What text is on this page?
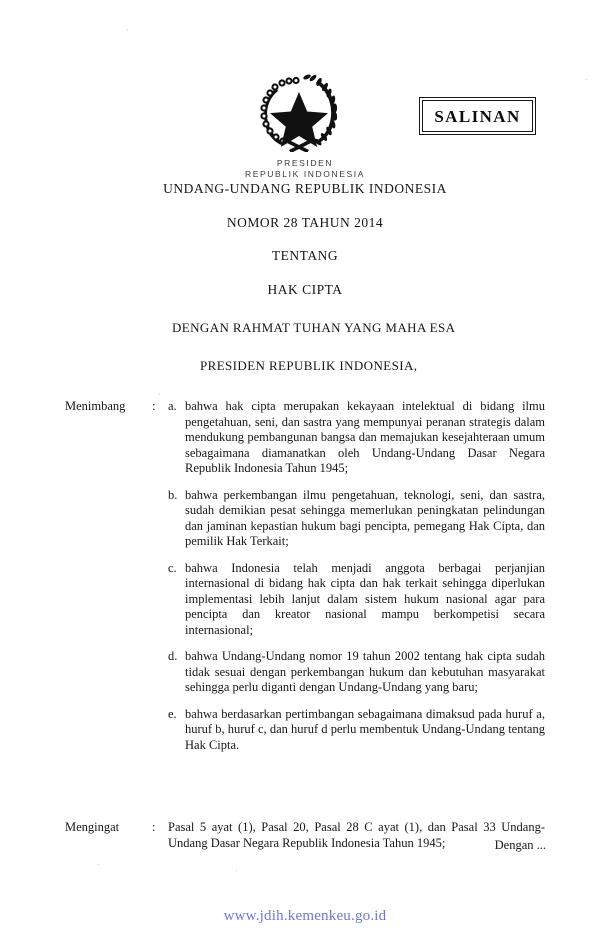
SALINAN
PRESIDEN
REPUBLIK INDONESIA
UNDANG-UNDANG REPUBLIK INDONESIA
NOMOR 28 TAHUN 2014
TENTANG
HAK CIPTA
DENGAN RAHMAT TUHAN YANG MAHA ESA
PRESIDEN REPUBLIK INDONESIA,
Menimbang	:	a. bahwa hak cipta merupakan kekayaan intelektual di bidang ilmu pengetahuan, seni, dan sastra yang mempunyai peranan strategis dalam mendukung pembangunan bangsa dan memajukan kesejahteraan umum sebagaimana diamanatkan oleh Undang-Undang Dasar Negara Republik Indonesia Tahun 1945;
b. bahwa perkembangan ilmu pengetahuan, teknologi, seni, dan sastra, sudah demikian pesat sehingga memerlukan peningkatan pelindungan dan jaminan kepastian hukum bagi pencipta, pemegang Hak Cipta, dan pemilik Hak Terkait;
c. bahwa Indonesia telah menjadi anggota berbagai perjanjian internasional di bidang hak cipta dan hak terkait sehingga diperlukan implementasi lebih lanjut dalam sistem hukum nasional agar para pencipta dan kreator nasional mampu berkompetisi secara internasional;
d. bahwa Undang-Undang nomor 19 tahun 2002 tentang hak cipta sudah tidak sesuai dengan perkembangan hukum dan kebutuhan masyarakat sehingga perlu diganti dengan Undang-Undang yang baru;
e. bahwa berdasarkan pertimbangan sebagaimana dimaksud pada huruf a, huruf b, huruf c, dan huruf d perlu membentuk Undang-Undang tentang Hak Cipta.
Mengingat	:	Pasal 5 ayat (1), Pasal 20, Pasal 28 C ayat (1), dan Pasal 33 Undang-Undang Dasar Negara Republik Indonesia Tahun 1945;	Dengan ...
www.jdih.kemenkeu.go.id
